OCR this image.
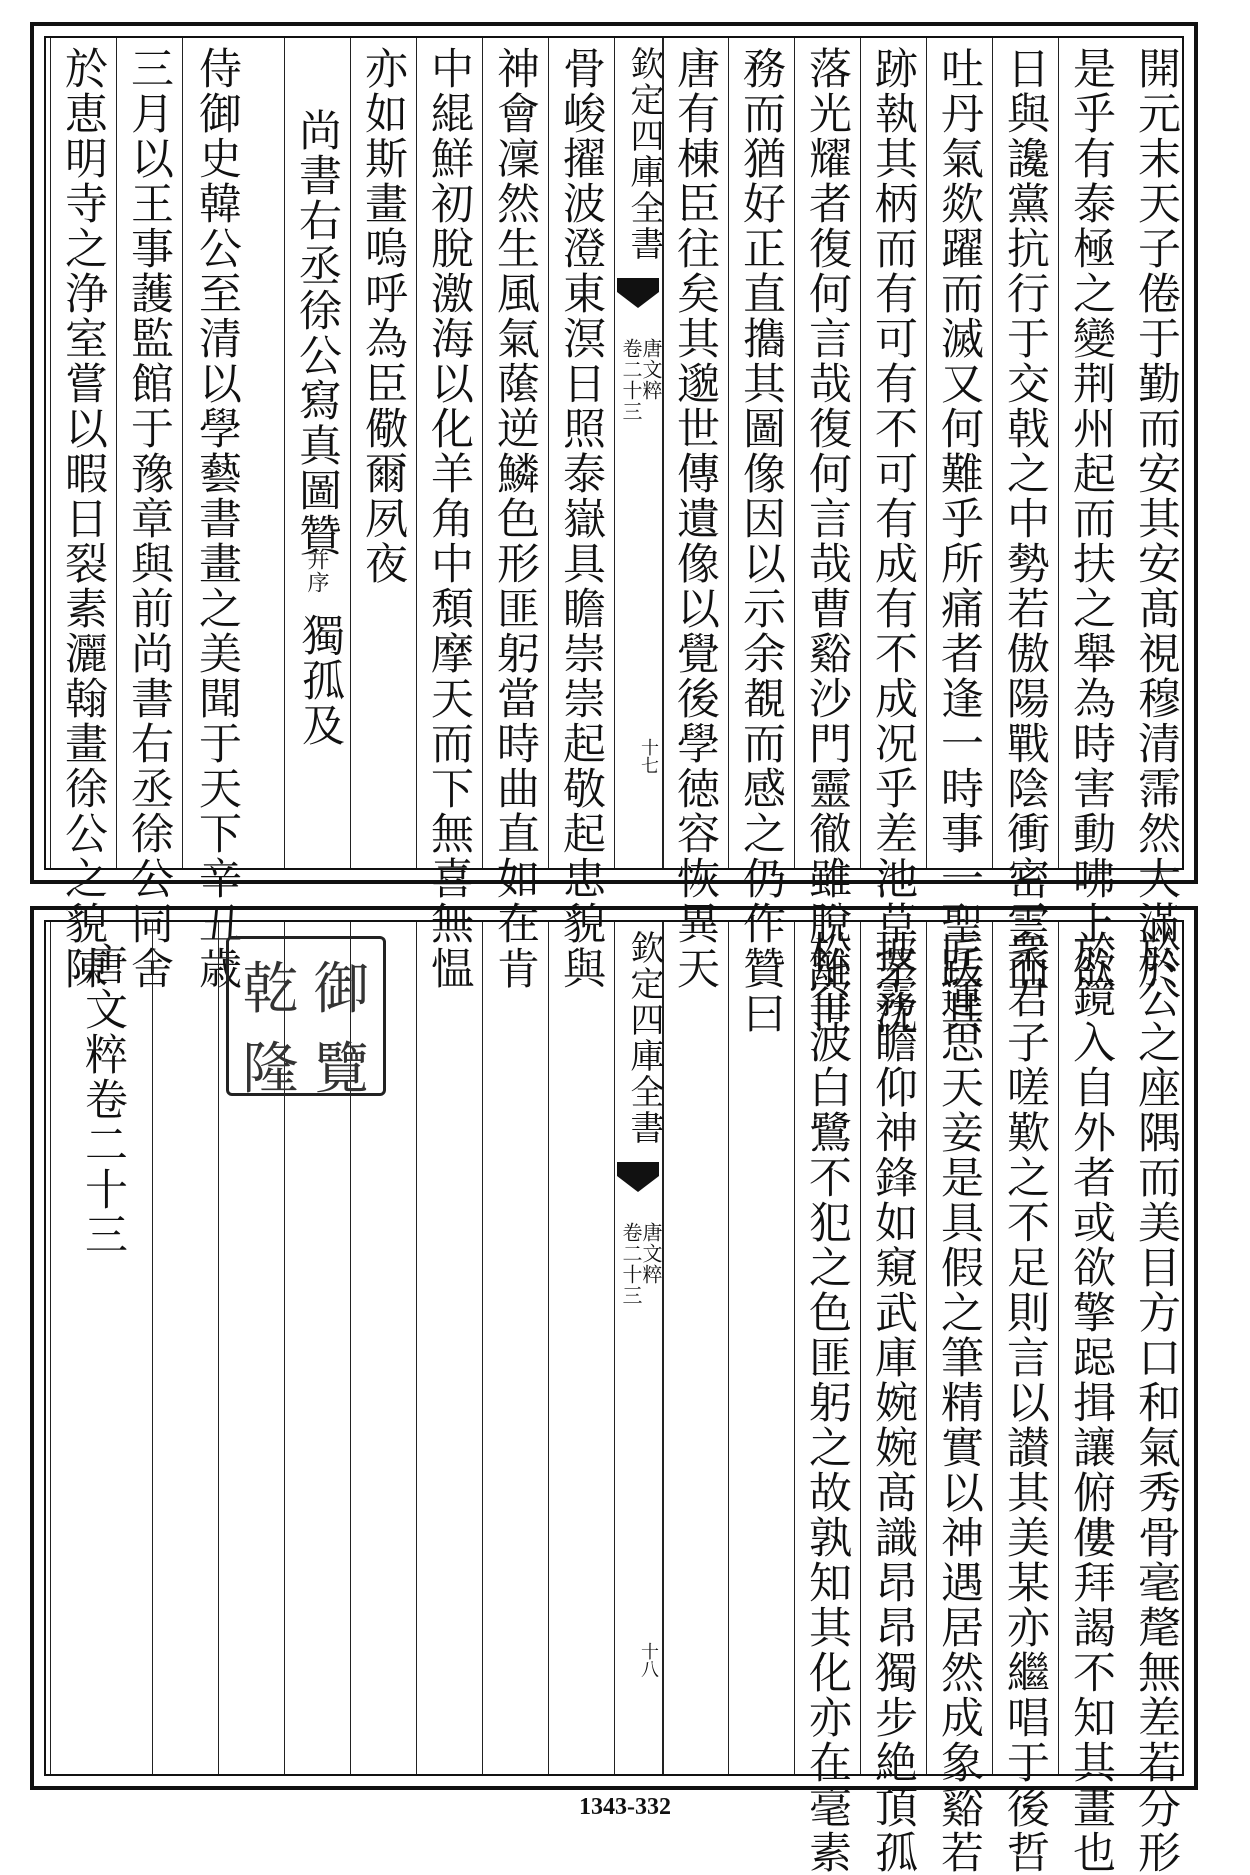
開元末天子倦于勤而安其安髙視穆清霈然大滿於
是乎有泰極之變荆州起而扶之舉為時害動咈上欲
日與讒黨抗行于交戟之中勢若傲陽戰陰衝密雲而
吐丹氣欻躍而滅又何難乎所痛者逢一時事一聖䟦其
跡執其柄而有可有不可有成有不成况乎差池草茅沈
落光耀者復何言哉復何言哉曹谿沙門靈徹雖脫離世
務而猶好正直㩦其圖像因以示余覩而感之仍作贊曰
唐有棟臣往矣其邈世傳遺像以覺後學徳容恢異天
欽定四庫全書
唐文粹
卷二十三
十七
骨峻擢波澄東溟日照泰嶽具瞻崇崇起敬起忠貌與
神會凜然生風氣䕃逆鱗色形匪躬當時曲直如在肯
中緄鮮初脫激海以化羊角中頽摩天而下無喜無愠
亦如斯畫嗚呼為臣儆爾夙夜
尚書右丞徐公寫真圖贊
并序
獨孤及
侍御史韓公至清以學藝書畫之美聞于天下辛丑歳
三月以王事䕶監館于豫章與前尚書右丞徐公同舍
於恵明寺之浄室嘗以暇日裂素灑翰畫徐公之貌陳
於公之座隅而美目方口和氣秀骨毫氂無差若分形
於鏡入自外者或欲擎跽揖讓俯僂拜謁不知其畫也
衆君子嗟歎之不足則言以讃其美某亦繼唱于後哲
匠運思天妾是具假之筆精實以神遇居然成象谿若
披霧瞻仰神鋒如窺武庫婉婉髙識昂昂獨步絶頂孤
松空波白鷺不犯之色匪躬之故孰知其化亦在毫素
欽定四庫全書
唐文粹
卷二十三
十八
唐文粹卷二十三 乾 御
隆 覽
1343-332
